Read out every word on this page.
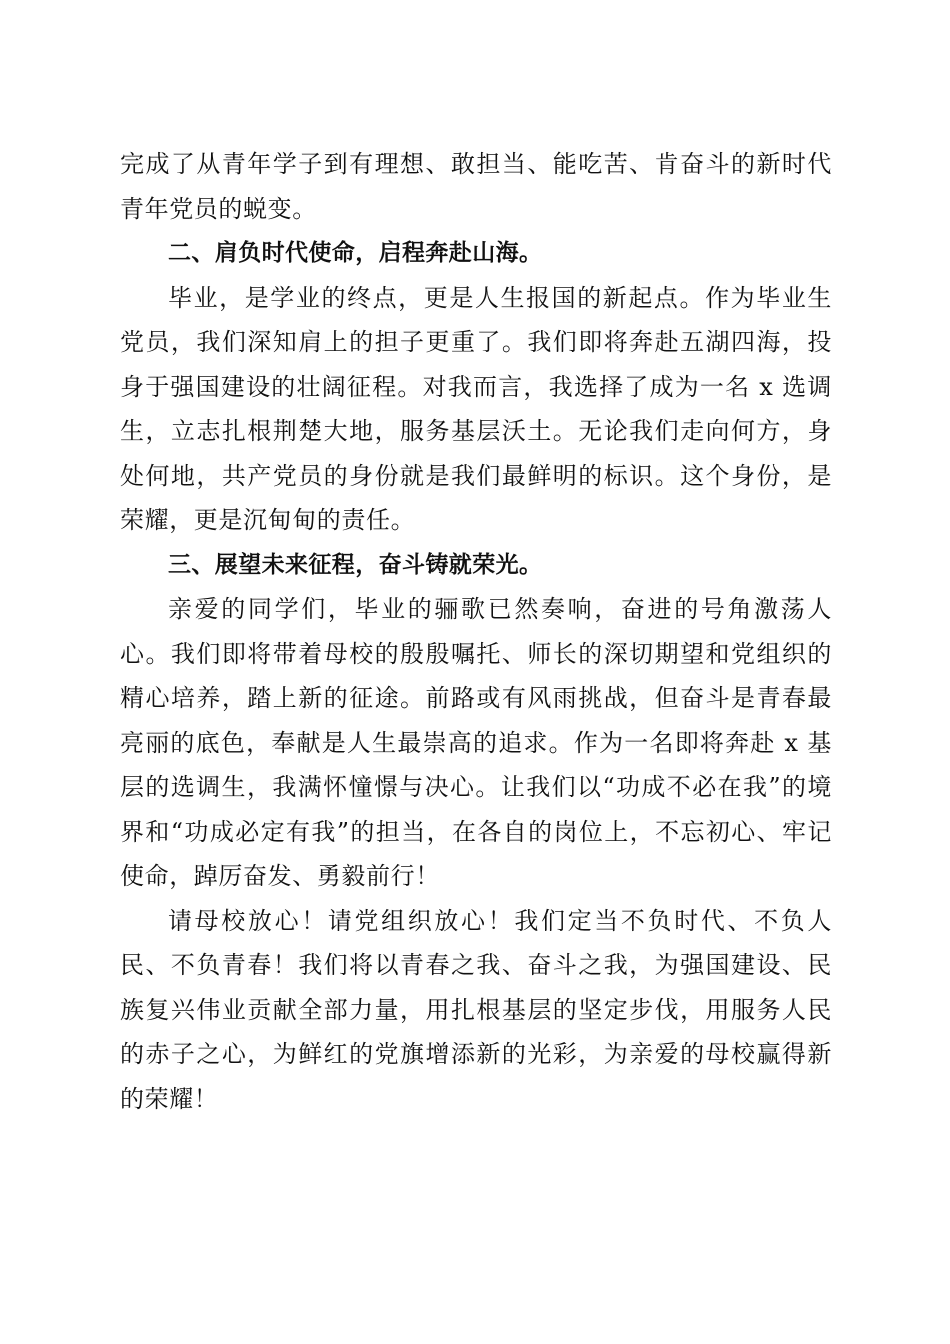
完成了从青年学子到有理想、敢担当、能吃苦、肯奋斗的新时代青年党员的蜕变。

二、肩负时代使命，启程奔赴山海。

毕业，是学业的终点，更是人生报国的新起点。作为毕业生党员，我们深知肩上的担子更重了。我们即将奔赴五湖四海，投身于强国建设的壮阔征程。对我而言，我选择了成为一名 x 选调生，立志扎根荆楚大地，服务基层沃土。无论我们走向何方，身处何地，共产党员的身份就是我们最鲜明的标识。这个身份，是荣耀，更是沉甸甸的责任。

三、展望未来征程，奋斗铸就荣光。

亲爱的同学们，毕业的骊歌已然奏响，奋进的号角激荡人心。我们即将带着母校的殷殷嘱托、师长的深切期望和党组织的精心培养，踏上新的征途。前路或有风雨挑战，但奋斗是青春最亮丽的底色，奉献是人生最崇高的追求。作为一名即将奔赴 x 基层的选调生，我满怀憧憬与决心。让我们以“功成不必在我”的境界和“功成必定有我”的担当，在各自的岗位上，不忘初心、牢记使命，踔厉奋发、勇毅前行！

请母校放心！请党组织放心！我们定当不负时代、不负人民、不负青春！我们将以青春之我、奋斗之我，为强国建设、民族复兴伟业贡献全部力量，用扎根基层的坚定步伐，用服务人民的赤子之心，为鲜红的党旗增添新的光彩，为亲爱的母校赢得新的荣耀！
